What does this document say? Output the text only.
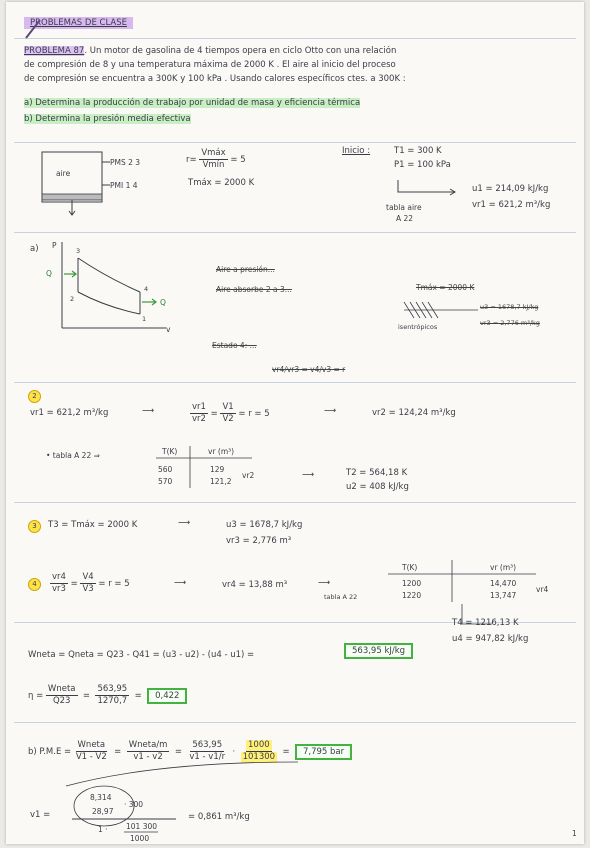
PROBLEMAS DE CLASE
PROBLEMA 87. Un motor de gasolina de 4 tiempos opera en ciclo Otto con una relación
de compresión de 8 y una temperatura máxima de 2000 K . El aire al inicio del proceso
de compresión se encuentra a 300K y 100 kPa . Usando calores específicos ctes. a 300K :
a) Determina la producción de trabajo por unidad de masa y eficiencia térmica
b) Determina la presión media efectiva
aire
PMS 2 3
PMI 1 4
$r= \frac{\text{Vmáx}}{\text{Vmín}} = 5$
Tmáx = 2000 K
Inicio :	T1 = 300 K
P1 = 100 kPa
u1 = 214,09 kJ/kg
vr1 = 621,2 m³/kg
tabla aire
A 22
a) P
v
3
2
4
1
Q
Q
Aire a presión...
Aire absorbe 2 a 3...	Tmáx = 2000 K
isentrópicos
u3 = 1678,7 kJ/kg
vr3 = 2,776 m³/kg
Estado 4: ...
vr4/vr3 = v4/v3 = r
2
vr1 = 621,2 m³/kg	⟶	$\frac{vr1}{vr2} = \frac{V1}{V2} = r = 5$	⟶	vr2 = 124,24 m³/kg
• tabla A 22 ⇒	T(K)	vr (m³)
560	129
570	121,2
vr2	⟶	T2 = 564,18 K
u2 = 408 kJ/kg
3	T3 = Tmáx = 2000 K	⟶	u3 = 1678,7 kJ/kg
vr3 = 2,776 m³
4	$\frac{vr4}{vr3} = \frac{V4}{V3} = r = 5$	⟶	vr4 = 13,88 m³	⟶
tabla A 22
T(K)	vr (m³)
1200	14,470
1220	13,747
vr4
T4 = 1216,13 K
u4 = 947,82 kJ/kg
Wneta = Qneta = Q23 - Q41 = (u3 - u2) - (u4 - u1) =	563,95 kJ/kg
$\eta = \frac{\text{Wneta}}{Q23} = \frac{563,95}{1270,7} = 0,422$
b) $P.M.E = \frac{\text{Wneta}}{V1 - V2} = \frac{\text{Wneta/m}}{v1 - v2} = \frac{563,95}{v1 - v1/r} \cdot \frac{1000}{101300} = 7,795$ bar
v1 =
8,314
28,97
· 300
1 · 101 300
1000
= 0,861 m³/kg
1
